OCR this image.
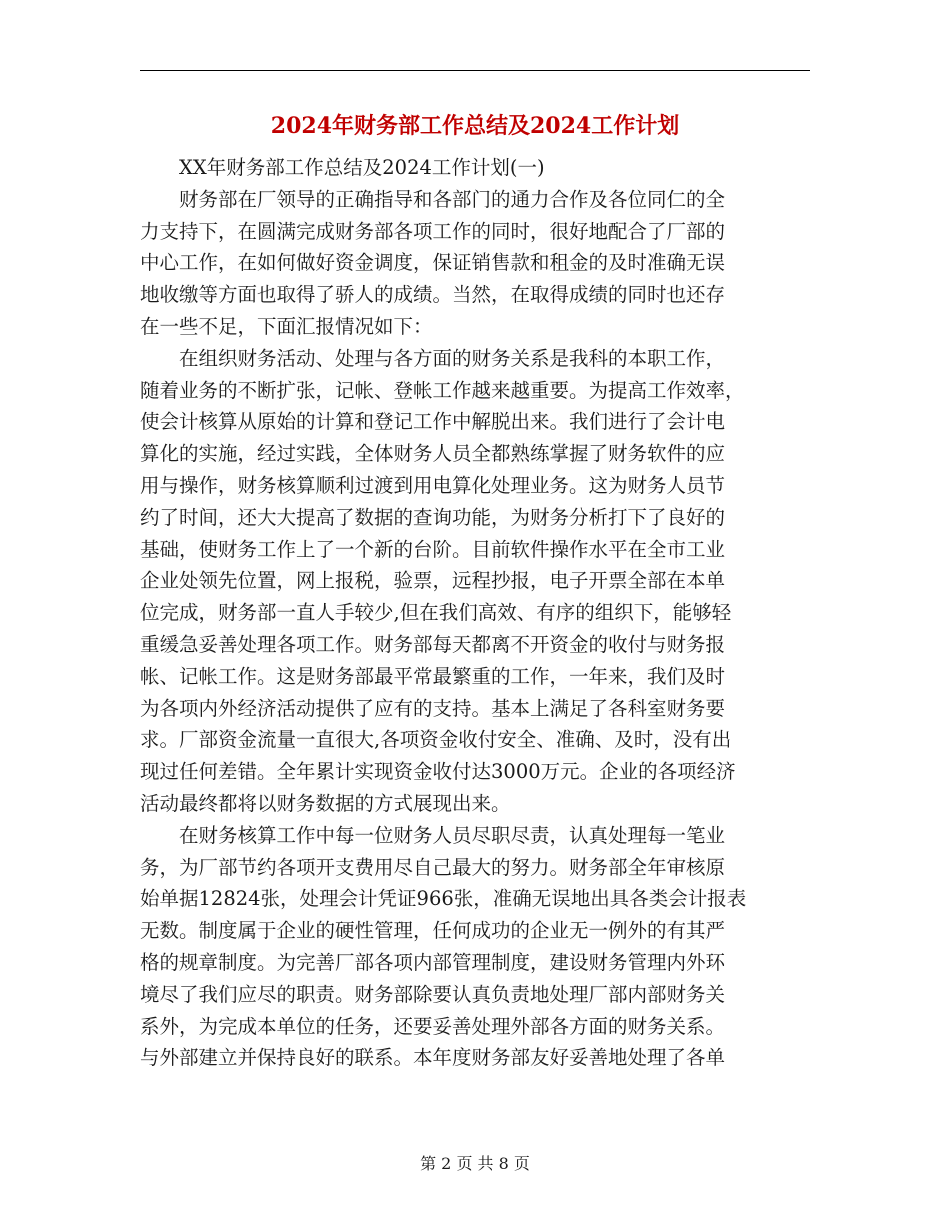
2024年财务部工作总结及2024工作计划
　　XX年财务部工作总结及2024工作计划(一)
　　财务部在厂领导的正确指导和各部门的通力合作及各位同仁的全
力支持下，在圆满完成财务部各项工作的同时，很好地配合了厂部的
中心工作，在如何做好资金调度，保证销售款和租金的及时准确无误
地收缴等方面也取得了骄人的成绩。当然，在取得成绩的同时也还存
在一些不足，下面汇报情况如下：
　　在组织财务活动、处理与各方面的财务关系是我科的本职工作，
随着业务的不断扩张，记帐、登帐工作越来越重要。为提高工作效率，
使会计核算从原始的计算和登记工作中解脱出来。我们进行了会计电
算化的实施，经过实践，全体财务人员全都熟练掌握了财务软件的应
用与操作，财务核算顺利过渡到用电算化处理业务。这为财务人员节
约了时间，还大大提高了数据的查询功能，为财务分析打下了良好的
基础，使财务工作上了一个新的台阶。目前软件操作水平在全市工业
企业处领先位置，网上报税，验票，远程抄报，电子开票全部在本单
位完成，财务部一直人手较少,但在我们高效、有序的组织下，能够轻
重缓急妥善处理各项工作。财务部每天都离不开资金的收付与财务报
帐、记帐工作。这是财务部最平常最繁重的工作，一年来，我们及时
为各项内外经济活动提供了应有的支持。基本上满足了各科室财务要
求。厂部资金流量一直很大,各项资金收付安全、准确、及时，没有出
现过任何差错。全年累计实现资金收付达3000万元。企业的各项经济
活动最终都将以财务数据的方式展现出来。
　　在财务核算工作中每一位财务人员尽职尽责，认真处理每一笔业
务，为厂部节约各项开支费用尽自己最大的努力。财务部全年审核原
始单据12824张，处理会计凭证966张，准确无误地出具各类会计报表
无数。制度属于企业的硬性管理，任何成功的企业无一例外的有其严
格的规章制度。为完善厂部各项内部管理制度，建设财务管理内外环
境尽了我们应尽的职责。财务部除要认真负责地处理厂部内部财务关
系外，为完成本单位的任务，还要妥善处理外部各方面的财务关系。
与外部建立并保持良好的联系。本年度财务部友好妥善地处理了各单
第 2 页 共 8 页
